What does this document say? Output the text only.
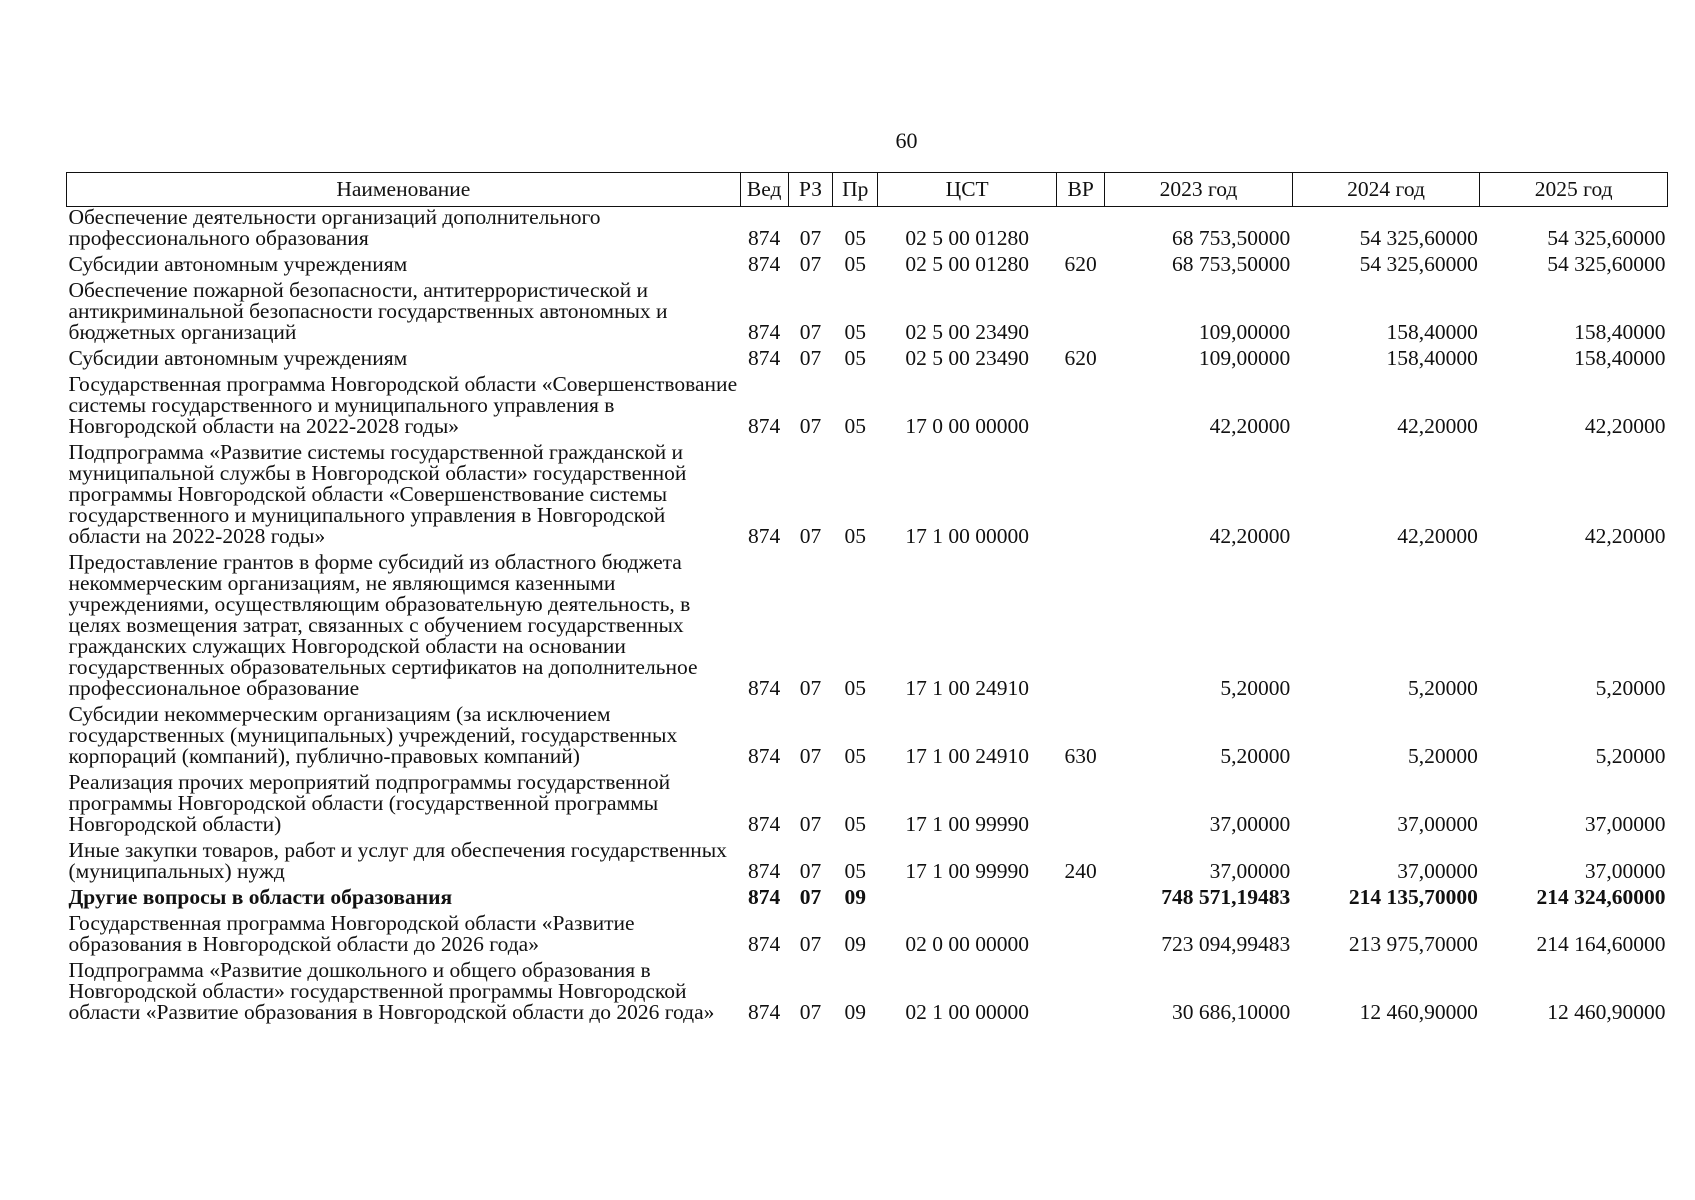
60
Наименование	Вед	РЗ	Пр	ЦСТ	ВР	2023 год	2024 год	2025 год
Обеспечение деятельности организаций дополнительного профессионального образования	874	07	05	02 5 00 01280		68 753,50000	54 325,60000	54 325,60000
Субсидии автономным учреждениям	874	07	05	02 5 00 01280	620	68 753,50000	54 325,60000	54 325,60000
Обеспечение пожарной безопасности, антитеррористической и антикриминальной безопасности государственных автономных и бюджетных организаций	874	07	05	02 5 00 23490		109,00000	158,40000	158,40000
Субсидии автономным учреждениям	874	07	05	02 5 00 23490	620	109,00000	158,40000	158,40000
Государственная программа Новгородской области «Совершенствование системы государственного и муниципального управления в Новгородской области на 2022-2028 годы»	874	07	05	17 0 00 00000		42,20000	42,20000	42,20000
Подпрограмма «Развитие системы государственной гражданской и муниципальной службы в Новгородской области» государственной программы Новгородской области «Совершенствование системы государственного и муниципального управления в Новгородской области на 2022-2028 годы»	874	07	05	17 1 00 00000		42,20000	42,20000	42,20000
Предоставление грантов в форме субсидий из областного бюджета некоммерческим организациям, не являющимся казенными учреждениями, осуществляющим образовательную деятельность, в целях возмещения затрат, связанных с обучением государственных гражданских служащих Новгородской области на основании государственных образовательных сертификатов на дополнительное профессиональное образование	874	07	05	17 1 00 24910		5,20000	5,20000	5,20000
Субсидии некоммерческим организациям (за исключением государственных (муниципальных) учреждений, государственных корпораций (компаний), публично-правовых компаний)	874	07	05	17 1 00 24910	630	5,20000	5,20000	5,20000
Реализация прочих мероприятий подпрограммы государственной программы Новгородской области (государственной программы Новгородской области)	874	07	05	17 1 00 99990		37,00000	37,00000	37,00000
Иные закупки товаров, работ и услуг для обеспечения государственных (муниципальных) нужд	874	07	05	17 1 00 99990	240	37,00000	37,00000	37,00000
Другие вопросы в области образования	874	07	09			748 571,19483	214 135,70000	214 324,60000
Государственная программа Новгородской области «Развитие образования в Новгородской области до 2026 года»	874	07	09	02 0 00 00000		723 094,99483	213 975,70000	214 164,60000
Подпрограмма «Развитие дошкольного и общего образования в Новгородской области» государственной программы Новгородской области «Развитие образования в Новгородской области до 2026 года»	874	07	09	02 1 00 00000		30 686,10000	12 460,90000	12 460,90000
